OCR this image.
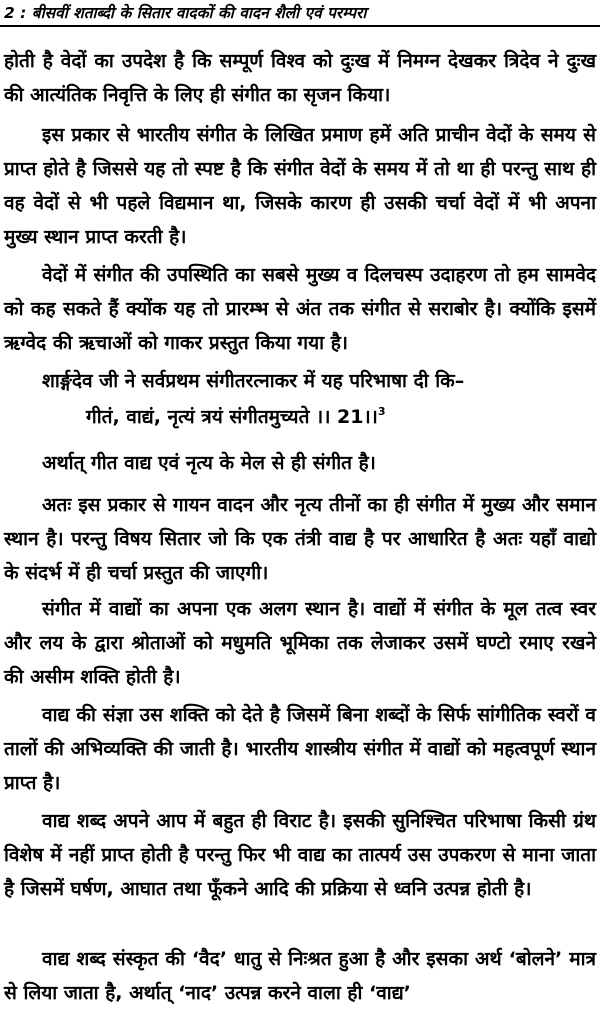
2 : बीसवीं शताब्दी के सितार वादकों की वादन शैली एवं परम्परा
होती है वेदों का उपदेश है कि सम्पूर्ण विश्व को दुःख में निमग्न देखकर त्रिदेव ने दुःख की आत्यंतिक निवृत्ति के लिए ही संगीत का सृजन किया।
इस प्रकार से भारतीय संगीत के लिखित प्रमाण हमें अति प्राचीन वेदों के समय से प्राप्त होते है जिससे यह तो स्पष्ट है कि संगीत वेदों के समय में तो था ही परन्तु साथ ही वह वेदों से भी पहले विद्यमान था, जिसके कारण ही उसकी चर्चा वेदों में भी अपना मुख्य स्थान प्राप्त करती है।
वेदों में संगीत की उपस्थिति का सबसे मुख्य व दिलचस्प उदाहरण तो हम सामवेद को कह सकते हैं क्योंक यह तो प्रारम्भ से अंत तक संगीत से सराबोर है। क्योंकि इसमें ऋग्वेद की ऋचाओं को गाकर प्रस्तुत किया गया है।
शार्ङ्गदेव जी ने सर्वप्रथम संगीतरत्नाकर में यह परिभाषा दी कि–
गीतं, वाद्यं, नृत्यं त्रयं संगीतमुच्यते ।। 21।।$^3$
अर्थात् गीत वाद्य एवं नृत्य के मेल से ही संगीत है।
अतः इस प्रकार से गायन वादन और नृत्य तीनों का ही संगीत में मुख्य और समान स्थान है। परन्तु विषय सितार जो कि एक तंत्री वाद्य है पर आधारित है अतः यहाँ वाद्यो के संदर्भ में ही चर्चा प्रस्तुत की जाएगी।
संगीत में वाद्यों का अपना एक अलग स्थान है। वाद्यों में संगीत के मूल तत्व स्वर और लय के द्वारा श्रोताओं को मधुमति भूमिका तक लेजाकर उसमें घण्टो रमाए रखने की असीम शक्ति होती है।
वाद्य की संज्ञा उस शक्ति को देते है जिसमें बिना शब्दों के सिर्फ सांगीतिक स्वरों व तालों की अभिव्यक्ति की जाती है। भारतीय शास्त्रीय संगीत में वाद्यों को महत्वपूर्ण स्थान प्राप्त है।
वाद्य शब्द अपने आप में बहुत ही विराट है। इसकी सुनिश्चित परिभाषा किसी ग्रंथ विशेष में नहीं प्राप्त होती है परन्तु फिर भी वाद्य का तात्पर्य उस उपकरण से माना जाता है जिसमें घर्षण, आघात तथा फूँकने आदि की प्रक्रिया से ध्वनि उत्पन्न होती है।
वाद्य शब्द संस्कृत की ‘वैद’ धातु से निःश्रत हुआ है और इसका अर्थ ‘बोलने’ मात्र से लिया जाता है, अर्थात् ‘नाद’ उत्पन्न करने वाला ही ‘वाद्य’
